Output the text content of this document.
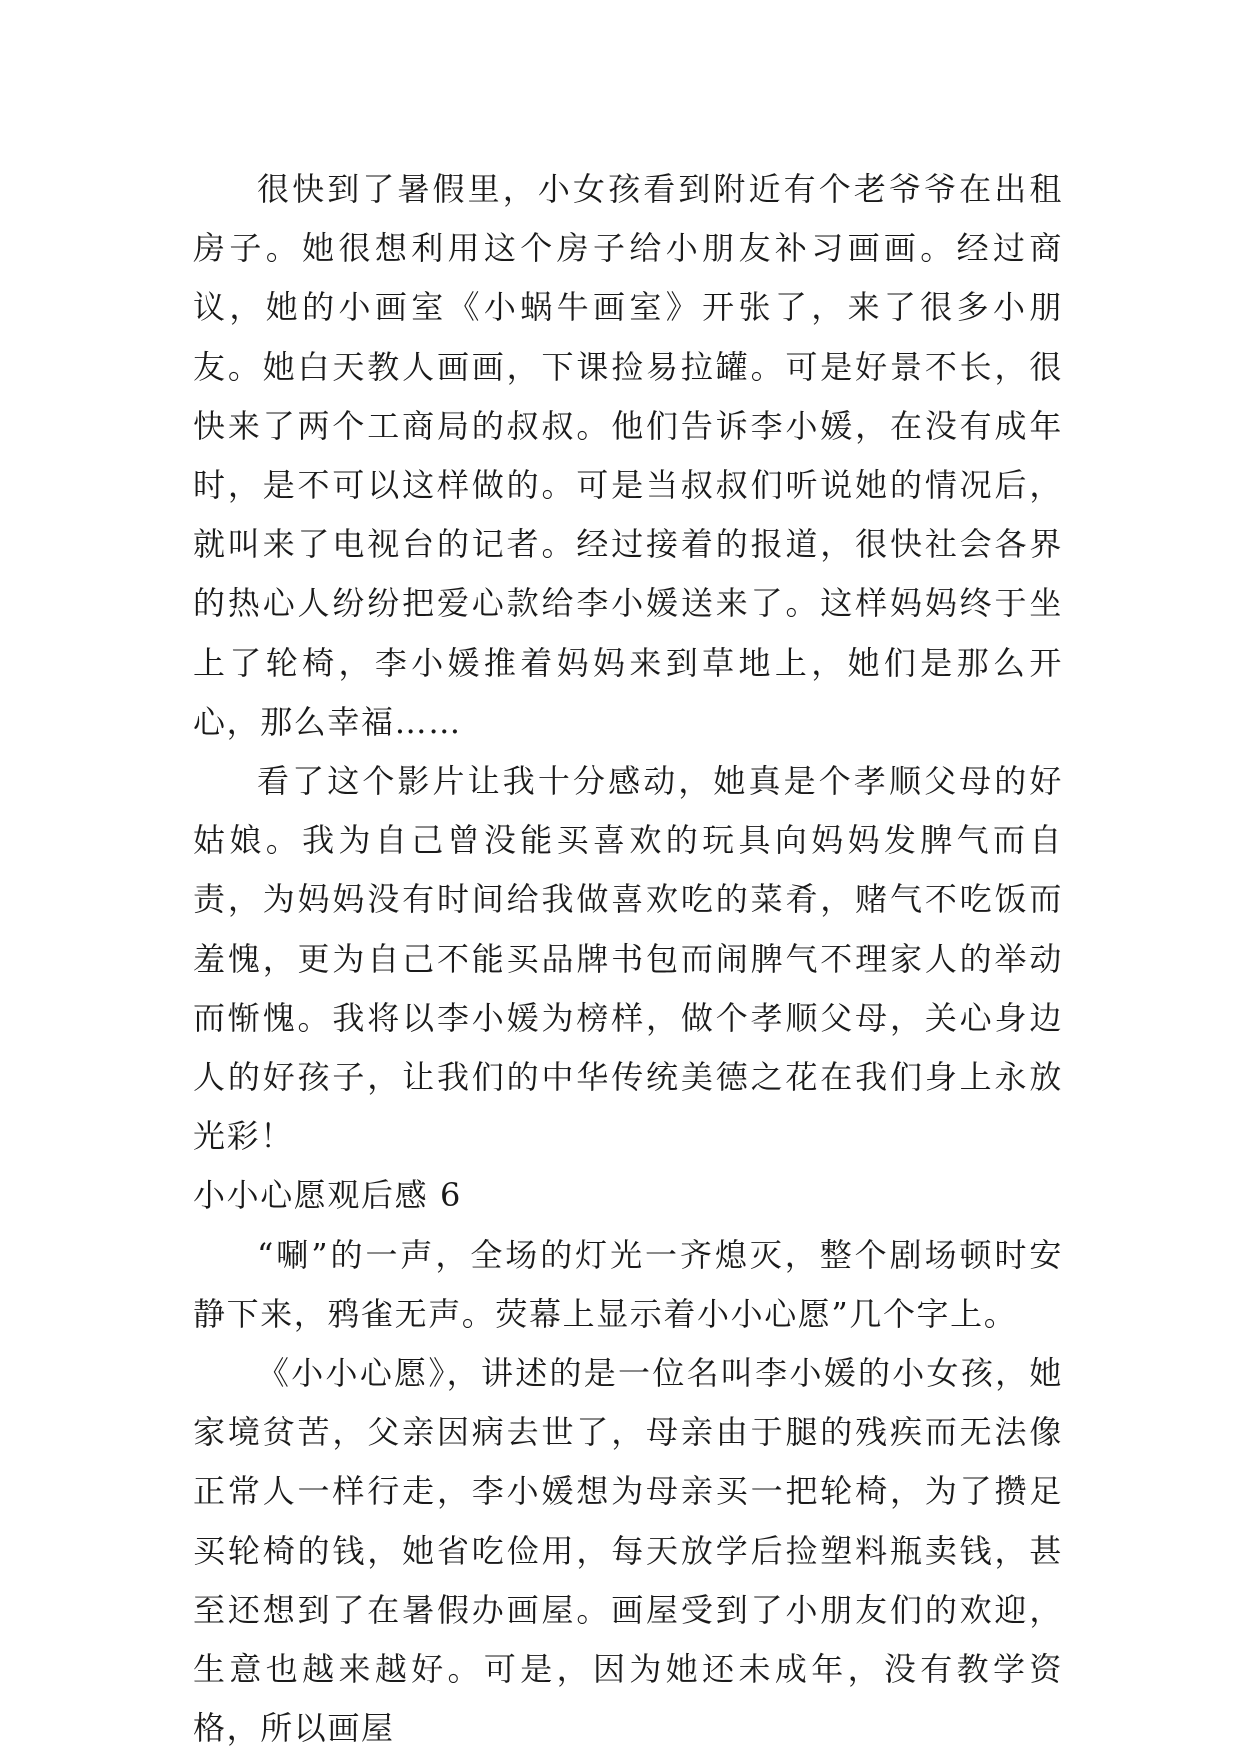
很快到了暑假里，小女孩看到附近有个老爷爷在出租房子。她很想利用这个房子给小朋友补习画画。经过商议，她的小画室《小蜗牛画室》开张了，来了很多小朋友。她白天教人画画，下课捡易拉罐。可是好景不长，很快来了两个工商局的叔叔。他们告诉李小媛，在没有成年时，是不可以这样做的。可是当叔叔们听说她的情况后，就叫来了电视台的记者。经过接着的报道，很快社会各界的热心人纷纷把爱心款给李小媛送来了。这样妈妈终于坐上了轮椅，李小媛推着妈妈来到草地上，她们是那么开心，那么幸福……

看了这个影片让我十分感动，她真是个孝顺父母的好姑娘。我为自己曾没能买喜欢的玩具向妈妈发脾气而自责，为妈妈没有时间给我做喜欢吃的菜肴，赌气不吃饭而羞愧，更为自己不能买品牌书包而闹脾气不理家人的举动而惭愧。我将以李小媛为榜样，做个孝顺父母，关心身边人的好孩子，让我们的中华传统美德之花在我们身上永放光彩！

小小心愿观后感 6

“唰”的一声，全场的灯光一齐熄灭，整个剧场顿时安静下来，鸦雀无声。荧幕上显示着小小心愿”几个字上。

《小小心愿》，讲述的是一位名叫李小媛的小女孩，她家境贫苦，父亲因病去世了，母亲由于腿的残疾而无法像正常人一样行走，李小媛想为母亲买一把轮椅，为了攒足买轮椅的钱，她省吃俭用，每天放学后捡塑料瓶卖钱，甚至还想到了在暑假办画屋。画屋受到了小朋友们的欢迎，生意也越来越好。可是，因为她还未成年，没有教学资格，所以画屋
